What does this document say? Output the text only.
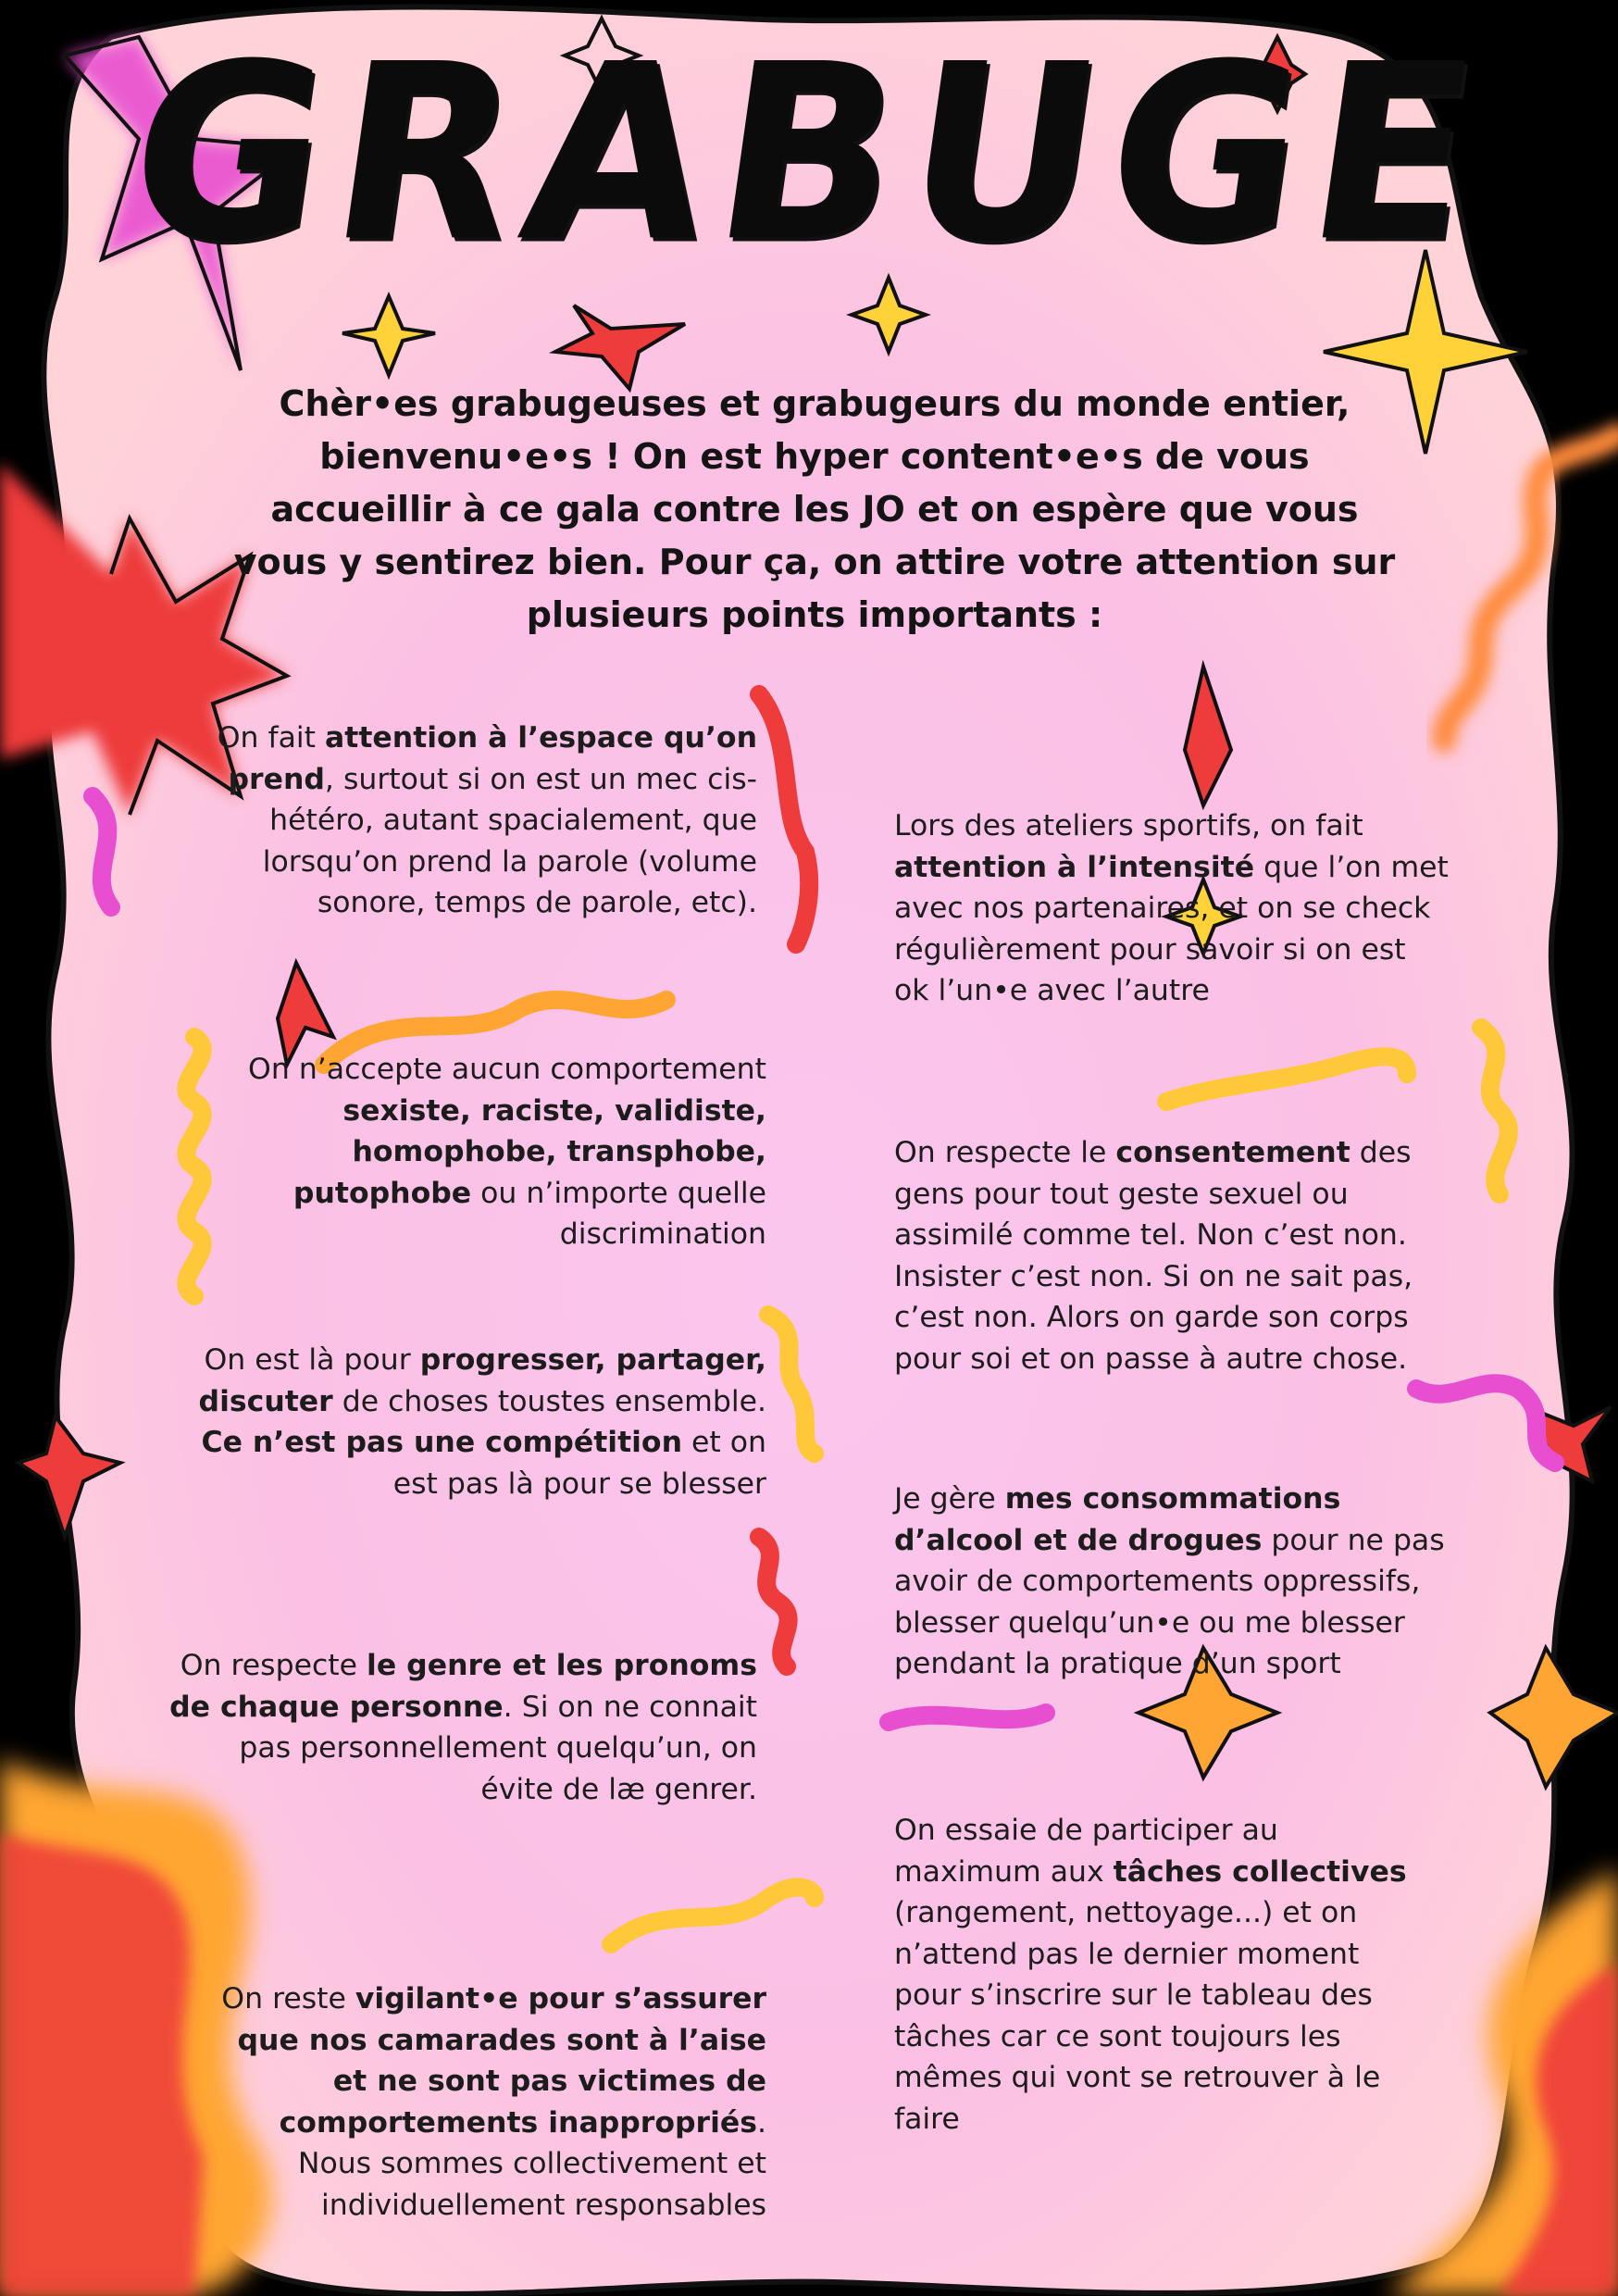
GRABUGE
Chèr•es grabugeuses et grabugeurs du monde entier, bienvenu•e•s ! On est hyper content•e•s de vous accueillir à ce gala contre les JO et on espère que vous vous y sentirez bien. Pour ça, on attire votre attention sur plusieurs points importants :
On fait attention à l’espace qu’on prend, surtout si on est un mec cis-hétéro, autant spacialement, que lorsqu’on prend la parole (volume sonore, temps de parole, etc).
On n’accepte aucun comportement sexiste, raciste, validiste, homophobe, transphobe, putophobe ou n’importe quelle discrimination
On est là pour progresser, partager, discuter de choses toustes ensemble. Ce n’est pas une compétition et on est pas là pour se blesser
On respecte le genre et les pronoms de chaque personne. Si on ne connait pas personnellement quelqu’un, on évite de læ genrer.
On reste vigilant•e pour s’assurer que nos camarades sont à l’aise et ne sont pas victimes de comportements inappropriés. Nous sommes collectivement et individuellement responsables
Lors des ateliers sportifs, on fait attention à l’intensité que l’on met avec nos partenaires, et on se check régulièrement pour savoir si on est ok l’un•e avec l’autre
On respecte le consentement des gens pour tout geste sexuel ou assimilé comme tel. Non c’est non. Insister c’est non. Si on ne sait pas, c’est non. Alors on garde son corps pour soi et on passe à autre chose.
Je gère mes consommations d’alcool et de drogues pour ne pas avoir de comportements oppressifs, blesser quelqu’un•e ou me blesser pendant la pratique d’un sport
On essaie de participer au maximum aux tâches collectives (rangement, nettoyage...) et on n’attend pas le dernier moment pour s’inscrire sur le tableau des tâches car ce sont toujours les mêmes qui vont se retrouver à le faire
